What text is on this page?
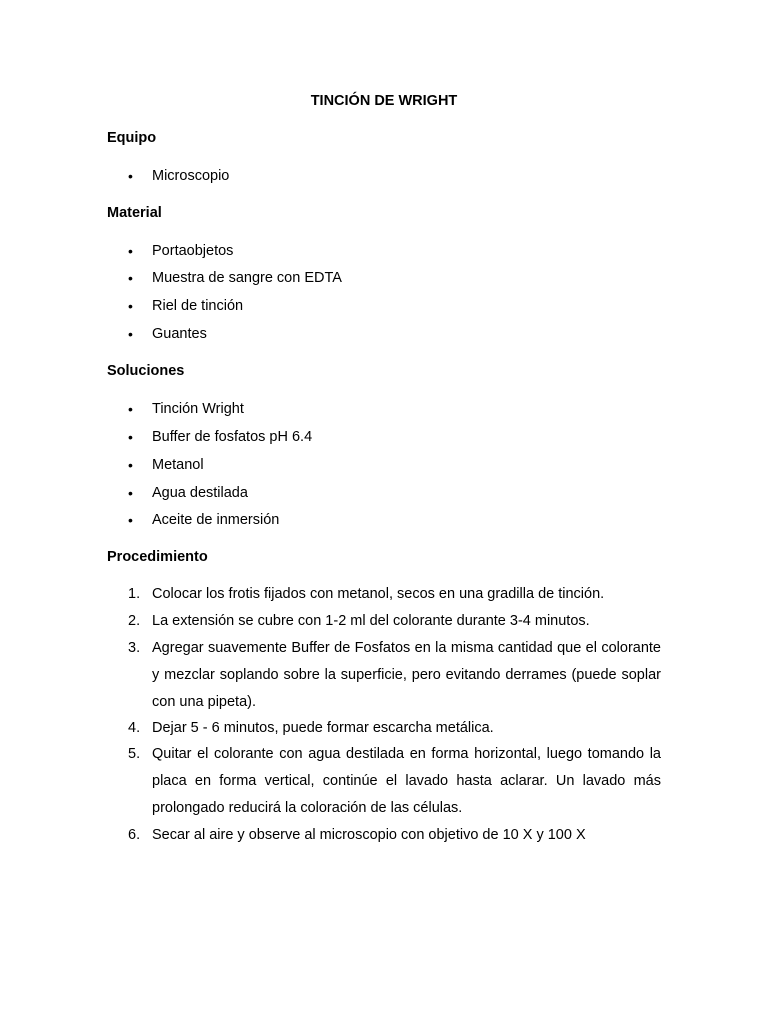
TINCIÓN DE WRIGHT
Equipo
•	Microscopio
Material
•	Portaobjetos
•	Muestra de sangre con EDTA
•	Riel de tinción
•	Guantes
Soluciones
•	Tinción Wright
•	Buffer de fosfatos pH 6.4
•	Metanol
•	Agua destilada
•	Aceite de inmersión
Procedimiento
1. Colocar los frotis fijados con metanol, secos en una gradilla de tinción.
2. La extensión se cubre con 1-2 ml del colorante durante 3-4 minutos.
3. Agregar suavemente Buffer de Fosfatos en la misma cantidad que el colorante y mezclar soplando sobre la superficie, pero evitando derrames (puede soplar con una pipeta).
4. Dejar 5 - 6 minutos, puede formar escarcha metálica.
5. Quitar el colorante con agua destilada en forma horizontal, luego tomando la placa en forma vertical, continúe el lavado hasta aclarar. Un lavado más prolongado reducirá la coloración de las células.
6. Secar al aire y observe al microscopio con objetivo de 10 X y 100 X
